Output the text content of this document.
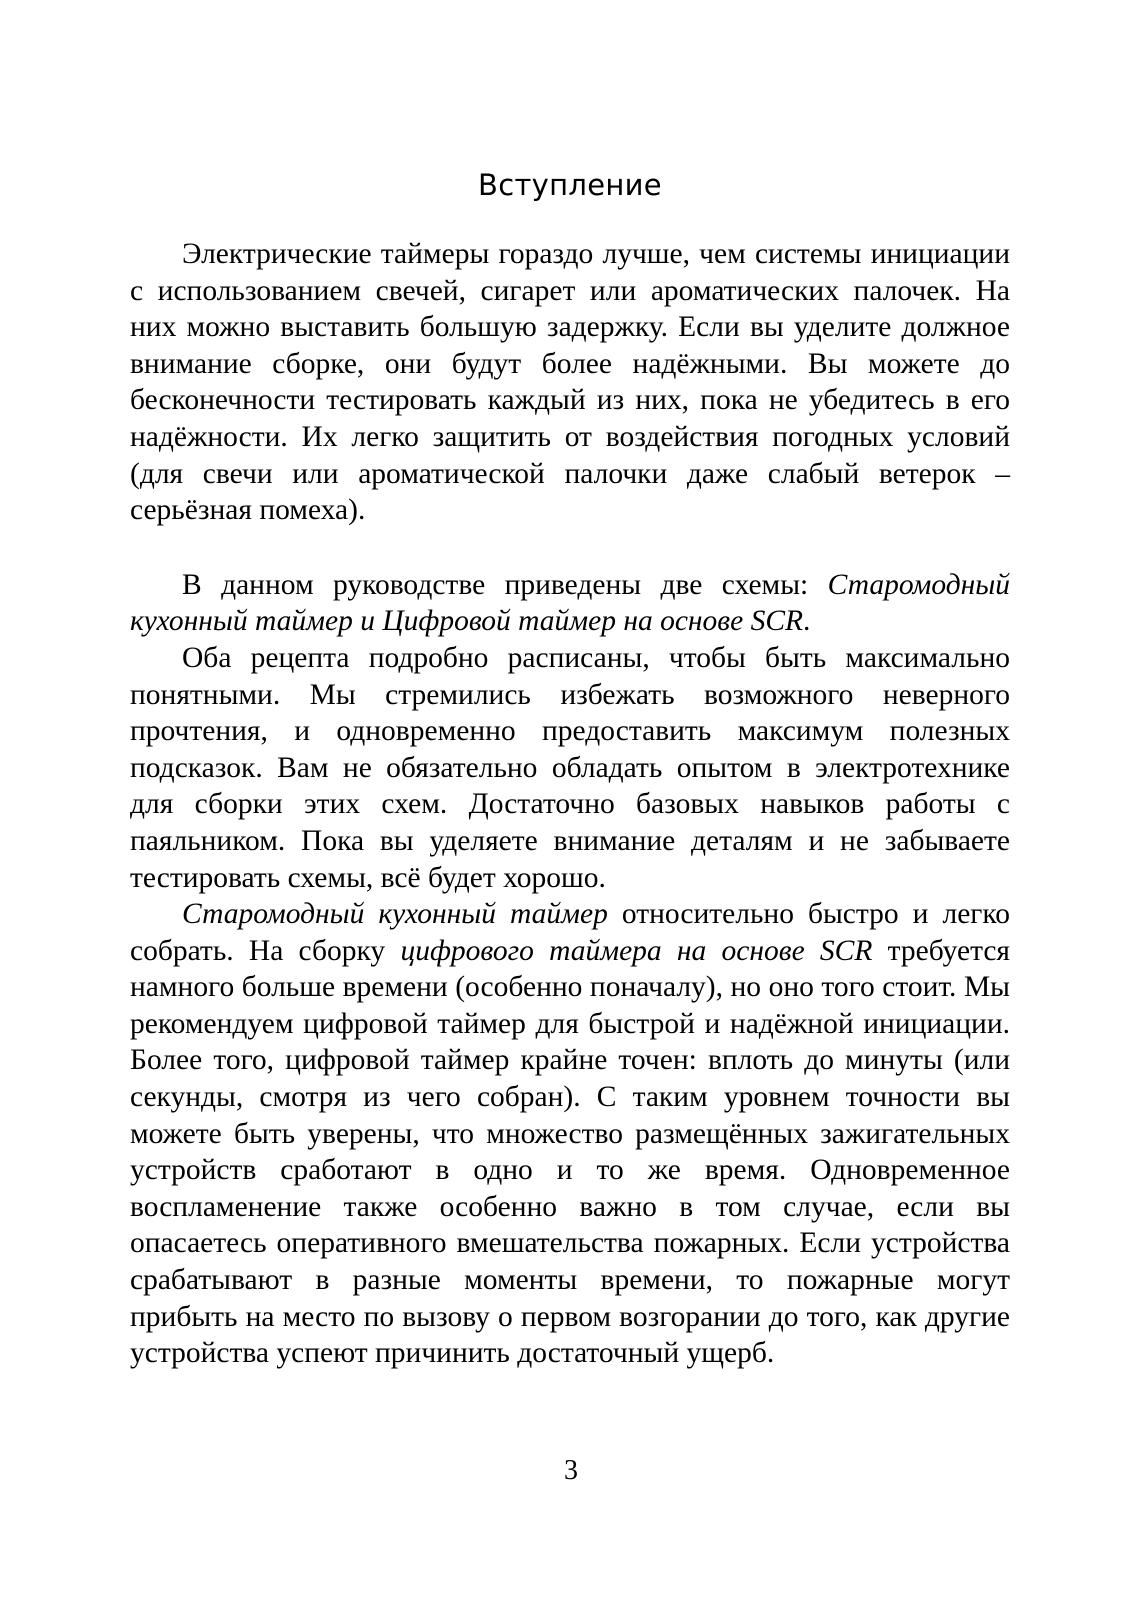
Вступление

Электрические таймеры гораздо лучше, чем системы инициации с использованием свечей, сигарет или ароматических палочек. На них можно выставить большую задержку. Если вы уделите должное внимание сборке, они будут более надёжными. Вы можете до бесконечности тестировать каждый из них, пока не убедитесь в его надёжности. Их легко защитить от воздействия погодных условий (для свечи или ароматической палочки даже слабый ветерок – серьёзная помеха).

В данном руководстве приведены две схемы: Старомодный кухонный таймер и Цифровой таймер на основе SCR.

Оба рецепта подробно расписаны, чтобы быть максимально понятными. Мы стремились избежать возможного неверного прочтения, и одновременно предоставить максимум полезных подсказок. Вам не обязательно обладать опытом в электротехнике для сборки этих схем. Достаточно базовых навыков работы с паяльником. Пока вы уделяете внимание деталям и не забываете тестировать схемы, всё будет хорошо.

Старомодный кухонный таймер относительно быстро и легко собрать. На сборку цифрового таймера на основе SCR требуется намного больше времени (особенно поначалу), но оно того стоит. Мы рекомендуем цифровой таймер для быстрой и надёжной инициации. Более того, цифровой таймер крайне точен: вплоть до минуты (или секунды, смотря из чего собран). С таким уровнем точности вы можете быть уверены, что множество размещённых зажигательных устройств сработают в одно и то же время. Одновременное воспламенение также особенно важно в том случае, если вы опасаетесь оперативного вмешательства пожарных. Если устройства срабатывают в разные моменты времени, то пожарные могут прибыть на место по вызову о первом возгорании до того, как другие устройства успеют причинить достаточный ущерб.

3
